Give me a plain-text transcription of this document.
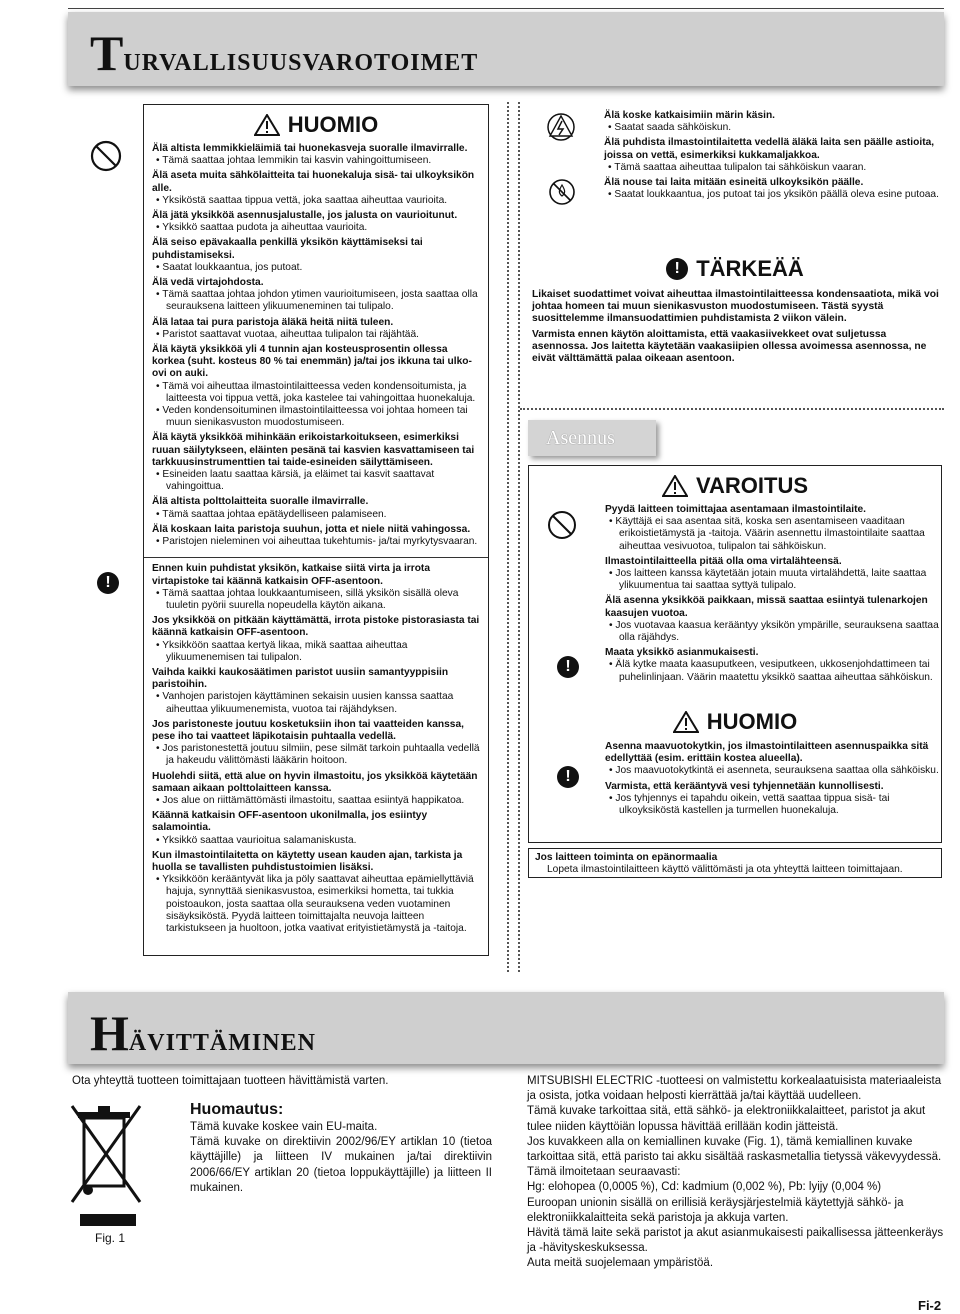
TURVALLISUUSVAROTOIMET
!
HUOMIO

Älä altista lemmikkieläimiä tai huonekasveja suoralle ilmavirralle.

• Tämä saattaa johtaa lemmikin tai kasvin vahingoittumiseen.

Älä aseta muita sähkölaitteita tai huonekaluja sisä- tai ulkoyksikön alle.

• Yksiköstä saattaa tippua vettä, joka saattaa aiheuttaa vaurioita.

Älä jätä yksikköä asennusjalustalle, jos jalusta on vaurioitunut.

• Yksikkö saattaa pudota ja aiheuttaa vaurioita.

Älä seiso epävakaalla penkillä yksikön käyttämiseksi tai puhdistamiseksi.

• Saatat loukkaantua, jos putoat.

Älä vedä virtajohdosta.

• Tämä saattaa johtaa johdon ytimen vaurioitumiseen, josta saattaa olla seurauksena laitteen ylikuumeneminen tai tulipalo.

Älä lataa tai pura paristoja äläkä heitä niitä tuleen.

• Paristot saattavat vuotaa, aiheuttaa tulipalon tai räjähtää.

Älä käytä yksikköä yli 4 tunnin ajan kosteusprosentin ollessa korkea (suht. kosteus 80 % tai enemmän) ja/tai jos ikkuna tai ulko-ovi on auki.

• Tämä voi aiheuttaa ilmastointilaitteessa veden kondensoitumista, ja laitteesta voi tippua vettä, joka kastelee tai vahingoittaa huonekaluja.

• Veden kondensoituminen ilmastointilaitteessa voi johtaa homeen tai muun sienikasvuston muodostumiseen.

Älä käytä yksikköä mihinkään erikoistarkoitukseen, esimerkiksi ruuan säilytykseen, eläinten pesänä tai kasvien kasvattamiseen tai tarkkuusinstrumenttien tai taide-esineiden säilyttämiseen.

• Esineiden laatu saattaa kärsiä, ja eläimet tai kasvit saattavat vahingoittua.

Älä altista polttolaitteita suoralle ilmavirralle.

• Tämä saattaa johtaa epätäydelliseen palamiseen.

Älä koskaan laita paristoja suuhun, jotta et niele niitä vahingossa.

• Paristojen nieleminen voi aiheuttaa tukehtumis- ja/tai myrkytysvaaran.

Ennen kuin puhdistat yksikön, katkaise siitä virta ja irrota virtapistoke tai käännä katkaisin OFF-asentoon.

• Tämä saattaa johtaa loukkaantumiseen, sillä yksikön sisällä oleva tuuletin pyörii suurella nopeudella käytön aikana.

Jos yksikköä on pitkään käyttämättä, irrota pistoke pistorasiasta tai käännä katkaisin OFF-asentoon.

• Yksikköön saattaa kertyä likaa, mikä saattaa aiheuttaa ylikuumenemisen tai tulipalon.

Vaihda kaikki kaukosäätimen paristot uusiin samantyyppisiin paristoihin.

• Vanhojen paristojen käyttäminen sekaisin uusien kanssa saattaa aiheuttaa ylikuumenemista, vuotoa tai räjähdyksen.

Jos paristoneste joutuu kosketuksiin ihon tai vaatteiden kanssa, pese iho tai vaatteet läpikotaisin puhtaalla vedellä.

• Jos paristonestettä joutuu silmiin, pese silmät tarkoin puhtaalla vedellä ja hakeudu välittömästi lääkärin hoitoon.

Huolehdi siitä, että alue on hyvin ilmastoitu, jos yksikköä käytetään samaan aikaan polttolaitteen kanssa.

• Jos alue on riittämättömästi ilmastoitu, saattaa esiintyä happikatoa.

Käännä katkaisin OFF-asentoon ukonilmalla, jos esiintyy salamointia.

• Yksikkö saattaa vaurioitua salamaniskusta.

Kun ilmastointilaitetta on käytetty usean kauden ajan, tarkista ja huolla se tavallisten puhdistustoimien lisäksi.

• Yksikköön kerääntyvät lika ja pöly saattavat aiheuttaa epämiellyttäviä hajuja, synnyttää sienikasvustoa, esimerkiksi hometta, tai tukkia poistoaukon, josta saattaa olla seurauksena veden vuotaminen sisäyksiköstä. Pyydä laitteen toimittajalta neuvoja laitteen tarkistukseen ja huoltoon, jotka vaativat erityistietämystä ja -taitoja.

Älä koske katkaisimiin märin käsin.

• Saatat saada sähköiskun.

Älä puhdista ilmastointilaitetta vedellä äläkä laita sen päälle astioita, joissa on vettä, esimerkiksi kukkamaljakkoa.

• Tämä saattaa aiheuttaa tulipalon tai sähköiskun vaaran.

Älä nouse tai laita mitään esineitä ulkoyksikön päälle.

• Saatat loukkaantua, jos putoat tai jos yksikön päällä oleva esine putoaa.

! TÄRKEÄÄ

Likaiset suodattimet voivat aiheuttaa ilmastointilaitteessa kondensaatiota, mikä voi johtaa homeen tai muun sienikasvuston muodostumiseen. Tästä syystä suosittelemme ilmansuodattimien puhdistamista 2 viikon välein.

Varmista ennen käytön aloittamista, että vaakasiivekkeet ovat suljetussa asennossa. Jos laitetta käytetään vaakasiipien ollessa avoimessa asennossa, ne eivät välttämättä palaa oikeaan asentoon.

Asennus
VAROITUS
!

Pyydä laitteen toimittajaa asentamaan ilmastointilaite.

• Käyttäjä ei saa asentaa sitä, koska sen asentamiseen vaaditaan erikoistietämystä ja -taitoja. Väärin asennettu ilmastointilaite saattaa aiheuttaa vesivuotoa, tulipalon tai sähköiskun.

Ilmastointilaitteella pitää olla oma virtalähteensä.

• Jos laitteen kanssa käytetään jotain muuta virtalähdettä, laite saattaa ylikuumentua tai saattaa syttyä tulipalo.

Älä asenna yksikköä paikkaan, missä saattaa esiintyä tulenarkojen kaasujen vuotoa.

• Jos vuotavaa kaasua kerääntyy yksikön ympärille, seurauksena saattaa olla räjähdys.

Maata yksikkö asianmukaisesti.

• Älä kytke maata kaasuputkeen, vesiputkeen, ukkosenjohdattimeen tai puhelinlinjaan. Väärin maatettu yksikkö saattaa aiheuttaa sähköiskun.

HUOMIO
!

Asenna maavuotokytkin, jos ilmastointilaitteen asennuspaikka sitä edellyttää (esim. erittäin kostea alueella).

• Jos maavuotokytkintä ei asenneta, seurauksena saattaa olla sähköisku.

Varmista, että kerääntyvä vesi tyhjennetään kunnollisesti.

• Jos tyhjennys ei tapahdu oikein, vettä saattaa tippua sisä- tai ulkoyksiköstä kastellen ja turmellen huonekaluja.

Jos laitteen toiminta on epänormaalia

Lopeta ilmastointilaitteen käyttö välittömästi ja ota yhteyttä laitteen toimittajaan.

HÄVITTÄMINEN

Ota yhteyttä tuotteen toimittajaan tuotteen hävittämistä varten.

Fig. 1

Huomautus:

Tämä kuvake koskee vain EU-maita.

Tämä kuvake on direktiivin 2002/96/EY artiklan 10 (tietoa käyttäjille) ja liitteen IV mukainen ja/tai direktiivin 2006/66/EY artiklan 20 (tietoa loppukäyttäjille) ja liitteen II mukainen.

MITSUBISHI ELECTRIC -tuotteesi on valmistettu korkealaatuisista materiaaleista ja osista, jotka voidaan helposti kierrättää ja/tai käyttää uudelleen.

Tämä kuvake tarkoittaa sitä, että sähkö- ja elektroniikkalaitteet, paristot ja akut tulee niiden käyttöiän lopussa hävittää erillään kodin jätteistä.

Jos kuvakkeen alla on kemiallinen kuvake (Fig. 1), tämä kemiallinen kuvake tarkoittaa sitä, että paristo tai akku sisältää raskasmetallia tietyssä väkevyydessä. Tämä ilmoitetaan seuraavasti:

Hg: elohopea (0,0005 %), Cd: kadmium (0,002 %), Pb: lyijy (0,004 %)

Euroopan unionin sisällä on erillisiä keräysjärjestelmiä käytettyjä sähkö- ja elektroniikkalaitteita sekä paristoja ja akkuja varten.

Hävitä tämä laite sekä paristot ja akut asianmukaisesti paikallisessa jätteenkeräys ja -hävityskeskuksessa.

Auta meitä suojelemaan ympäristöä.

Fi-2
